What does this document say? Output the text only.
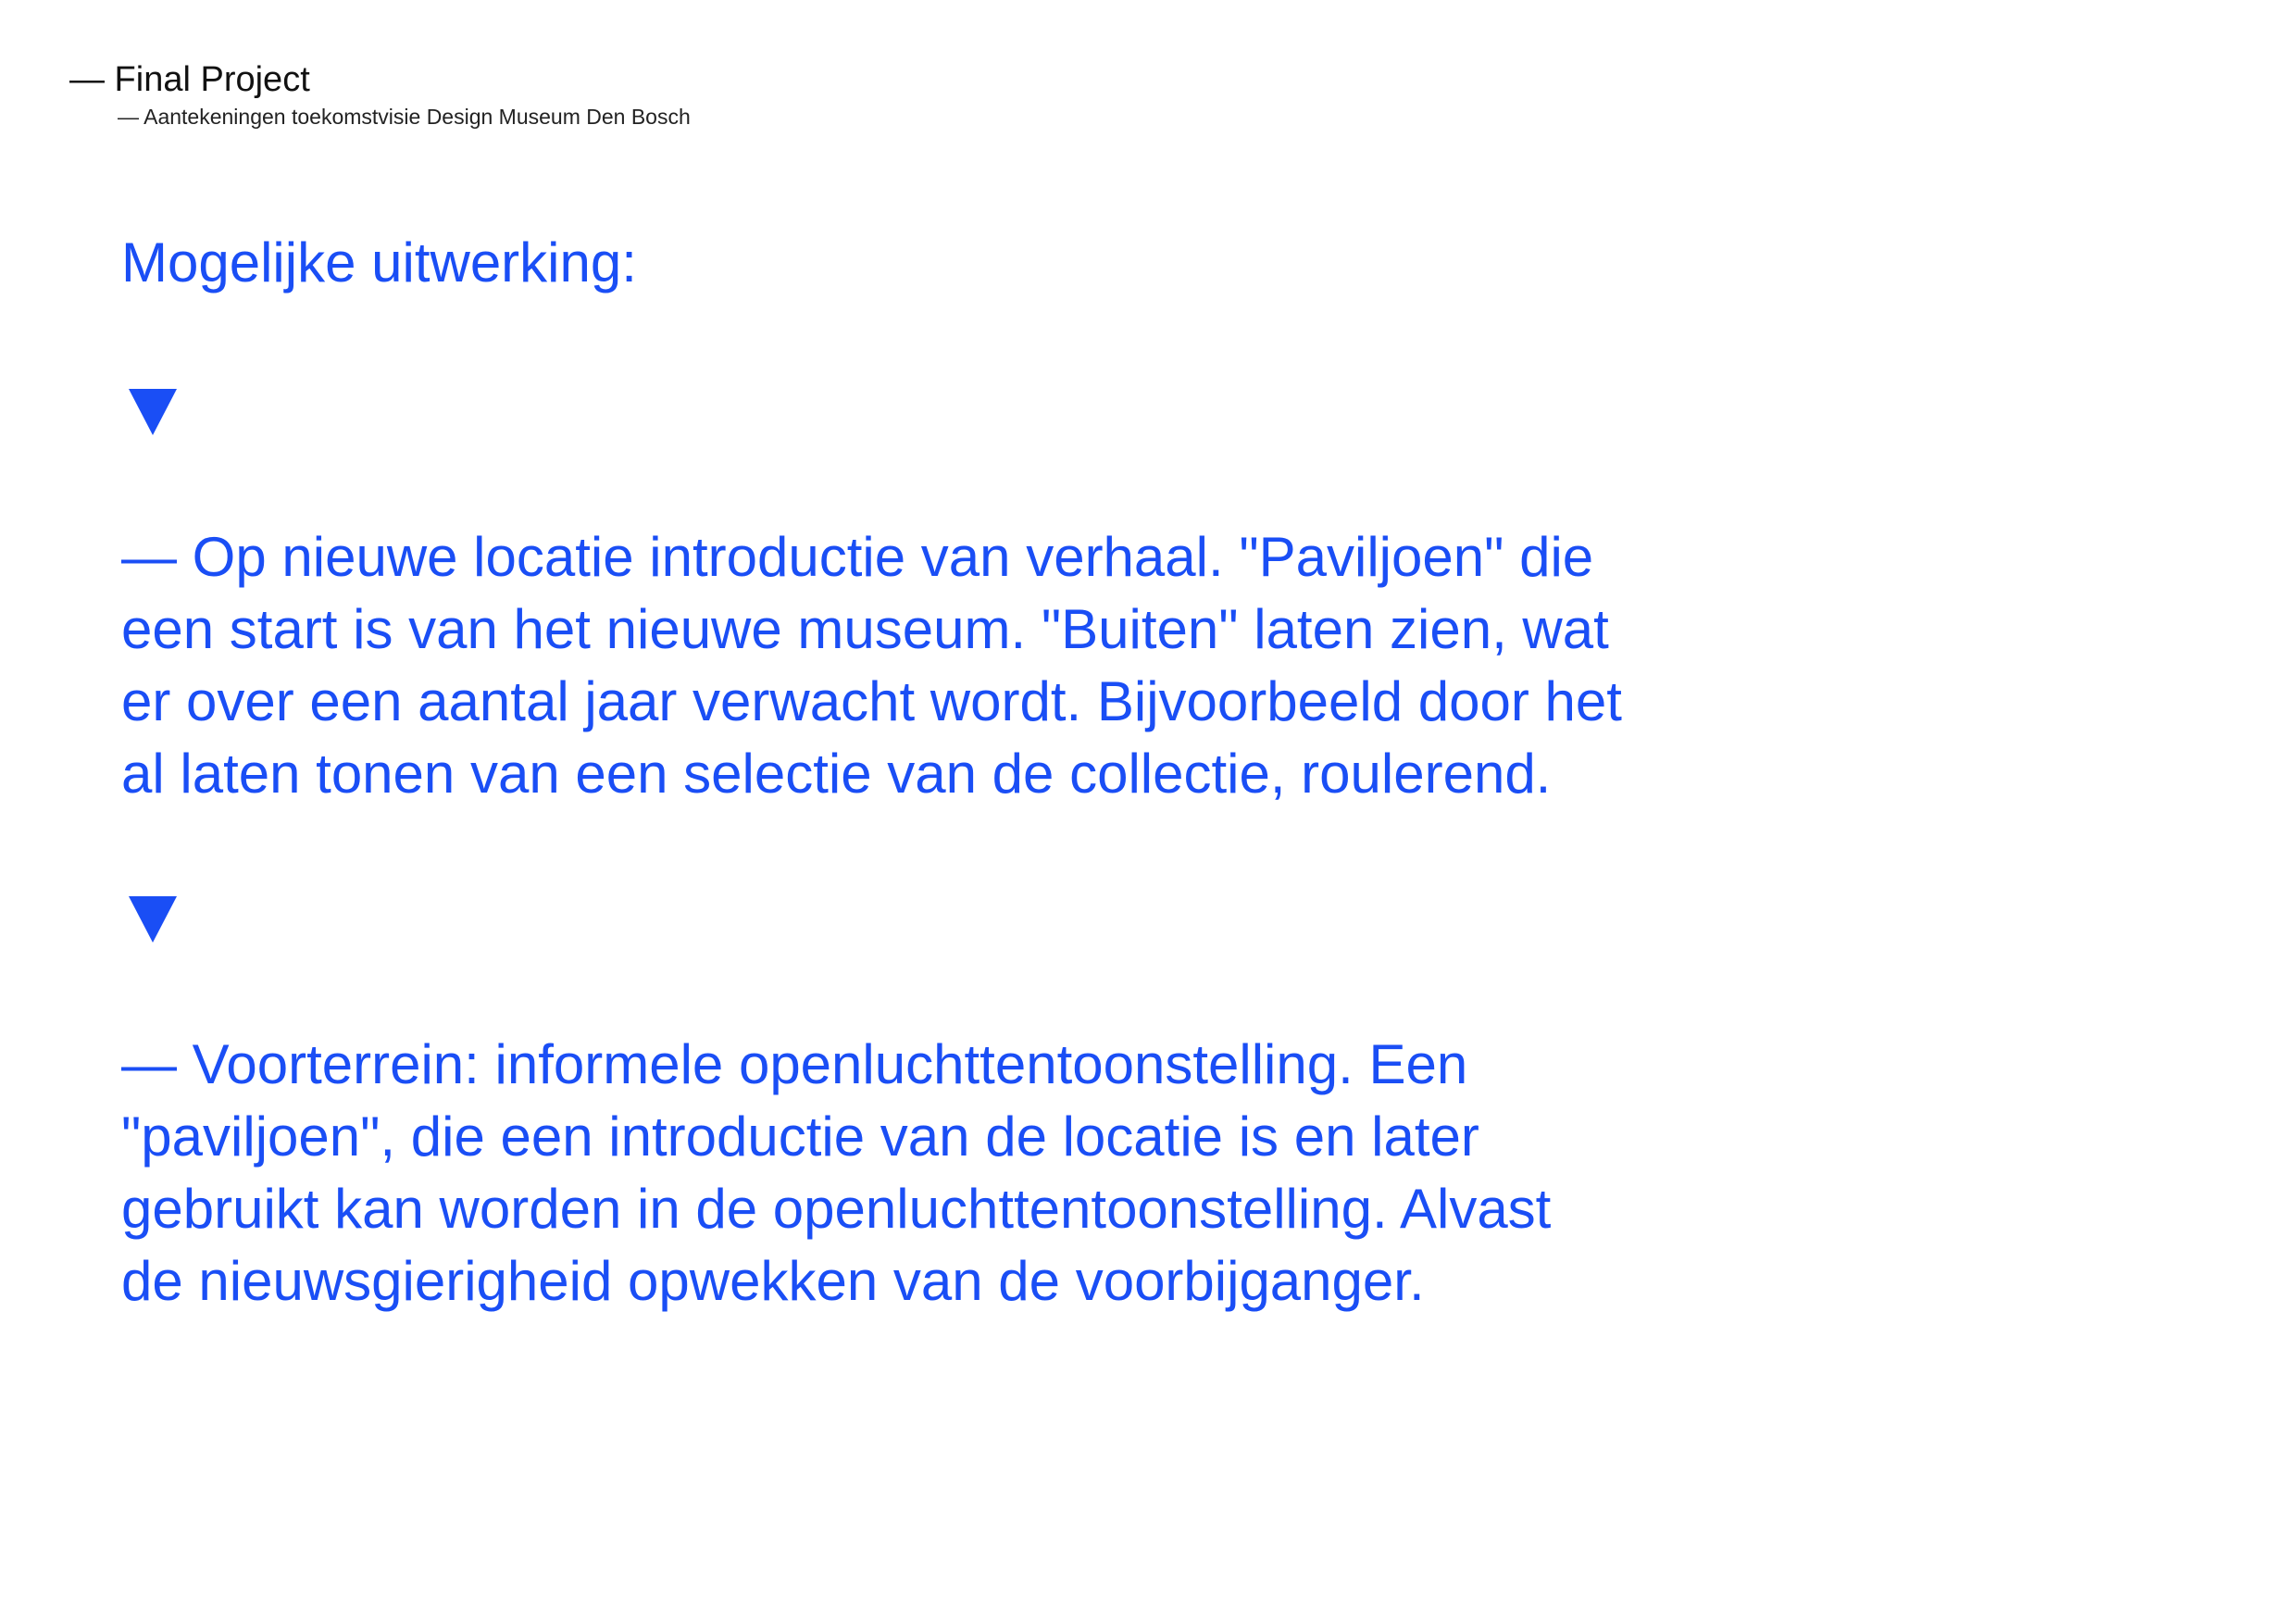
— Final Project
— Aantekeningen toekomstvisie Design Museum Den Bosch
Mogelijke uitwerking:
— Op nieuwe locatie introductie van verhaal. "Paviljoen" die
een start is van het nieuwe museum. "Buiten" laten zien, wat
er over een aantal jaar verwacht wordt. Bijvoorbeeld door het
al laten tonen van een selectie van de collectie, roulerend.
— Voorterrein: informele openluchttentoonstelling. Een
"paviljoen", die een introductie van de locatie is en later
gebruikt kan worden in de openluchttentoonstelling. Alvast
de nieuwsgierigheid opwekken van de voorbijganger.
